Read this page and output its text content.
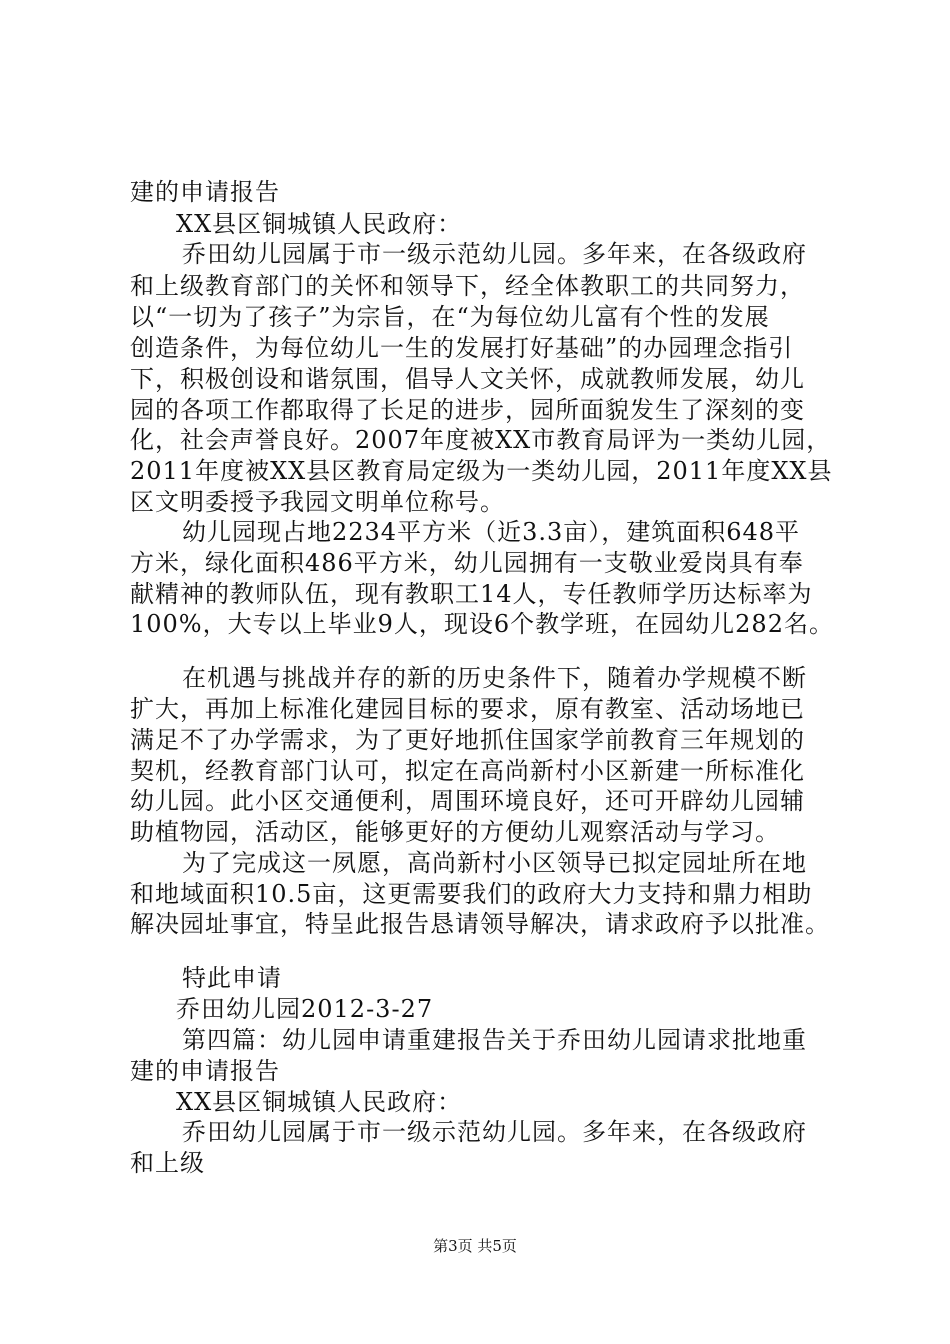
建的申请报告
XX县区铜城镇人民政府：
乔田幼儿园属于市一级示范幼儿园。多年来，在各级政府
和上级教育部门的关怀和领导下，经全体教职工的共同努力，
以“一切为了孩子”为宗旨，在“为每位幼儿富有个性的发展
创造条件，为每位幼儿一生的发展打好基础”的办园理念指引
下，积极创设和谐氛围，倡导人文关怀，成就教师发展，幼儿
园的各项工作都取得了长足的进步，园所面貌发生了深刻的变
化，社会声誉良好。2007年度被XX市教育局评为一类幼儿园，
2011年度被XX县区教育局定级为一类幼儿园，2011年度XX县
区文明委授予我园文明单位称号。
幼儿园现占地2234平方米（近3.3亩），建筑面积648平
方米，绿化面积486平方米，幼儿园拥有一支敬业爱岗具有奉
献精神的教师队伍，现有教职工14人，专任教师学历达标率为
100%，大专以上毕业9人，现设6个教学班，在园幼儿282名。
在机遇与挑战并存的新的历史条件下，随着办学规模不断
扩大，再加上标准化建园目标的要求，原有教室、活动场地已
满足不了办学需求，为了更好地抓住国家学前教育三年规划的
契机，经教育部门认可，拟定在高尚新村小区新建一所标准化
幼儿园。此小区交通便利，周围环境良好，还可开辟幼儿园辅
助植物园，活动区，能够更好的方便幼儿观察活动与学习。
为了完成这一夙愿，高尚新村小区领导已拟定园址所在地
和地域面积10.5亩，这更需要我们的政府大力支持和鼎力相助
解决园址事宜，特呈此报告恳请领导解决，请求政府予以批准。
特此申请
乔田幼儿园2012-3-27
第四篇：幼儿园申请重建报告关于乔田幼儿园请求批地重
建的申请报告
XX县区铜城镇人民政府：
乔田幼儿园属于市一级示范幼儿园。多年来，在各级政府
和上级
第3页 共5页
